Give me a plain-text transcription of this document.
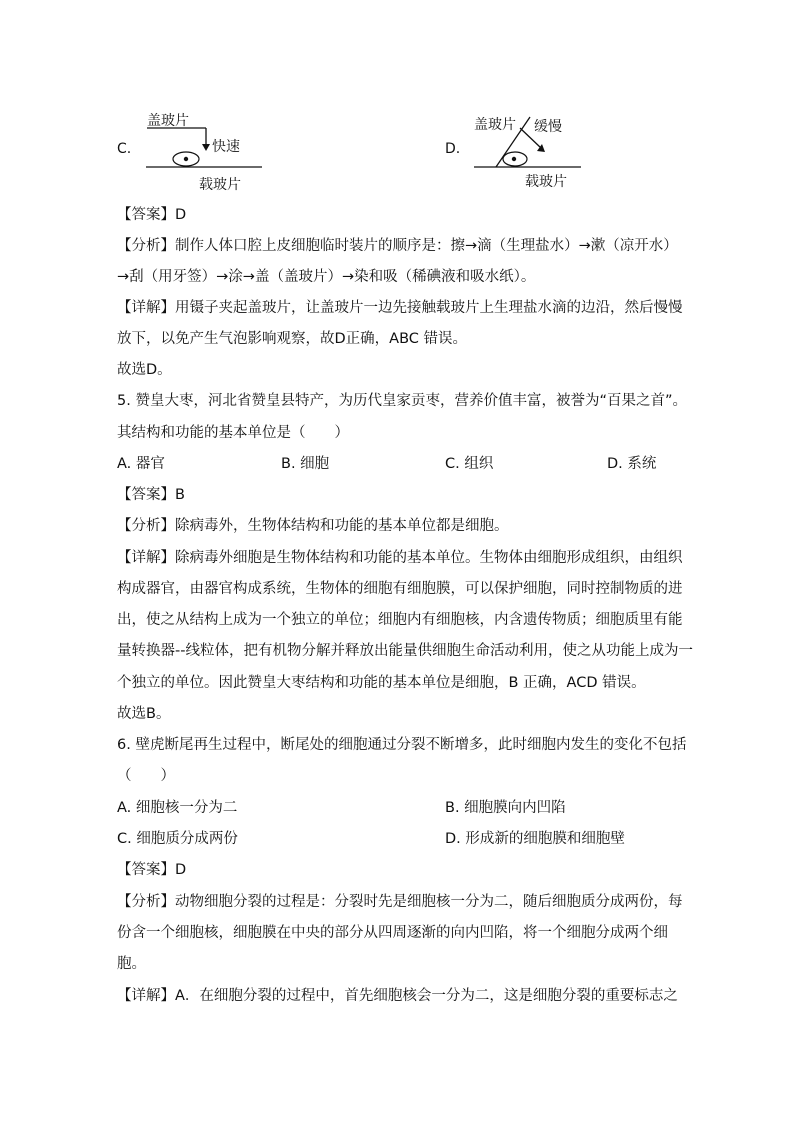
C.
盖玻片
快速
载玻片
D.
盖玻片 缓慢
载玻片
【答案】D
【分析】制作人体口腔上皮细胞临时装片的顺序是：擦→滴（生理盐水）→漱（凉开水）
→刮（用牙签）→涂→盖（盖玻片）→染和吸（稀碘液和吸水纸）。
【详解】用镊子夹起盖玻片，让盖玻片一边先接触载玻片上生理盐水滴的边沿，然后慢慢
放下，以免产生气泡影响观察，故D正确，ABC 错误。
故选D。
5. 赞皇大枣，河北省赞皇县特产，为历代皇家贡枣，营养价值丰富，被誉为“百果之首”。
其结构和功能的基本单位是（　　）
A. 器官	B. 细胞	C. 组织	D. 系统
【答案】B
【分析】除病毒外，生物体结构和功能的基本单位都是细胞。
【详解】除病毒外细胞是生物体结构和功能的基本单位。生物体由细胞形成组织，由组织
构成器官，由器官构成系统，生物体的细胞有细胞膜，可以保护细胞，同时控制物质的进
出，使之从结构上成为一个独立的单位；细胞内有细胞核，内含遗传物质；细胞质里有能
量转换器--线粒体，把有机物分解并释放出能量供细胞生命活动利用，使之从功能上成为一
个独立的单位。因此赞皇大枣结构和功能的基本单位是细胞，B 正确，ACD 错误。
故选B。
6. 壁虎断尾再生过程中，断尾处的细胞通过分裂不断增多，此时细胞内发生的变化不包括
（　　）
A. 细胞核一分为二	B. 细胞膜向内凹陷
C. 细胞质分成两份	D. 形成新的细胞膜和细胞壁
【答案】D
【分析】动物细胞分裂的过程是：分裂时先是细胞核一分为二，随后细胞质分成两份，每
份含一个细胞核，细胞膜在中央的部分从四周逐渐的向内凹陷，将一个细胞分成两个细
胞。
【详解】A．在细胞分裂的过程中，首先细胞核会一分为二，这是细胞分裂的重要标志之
